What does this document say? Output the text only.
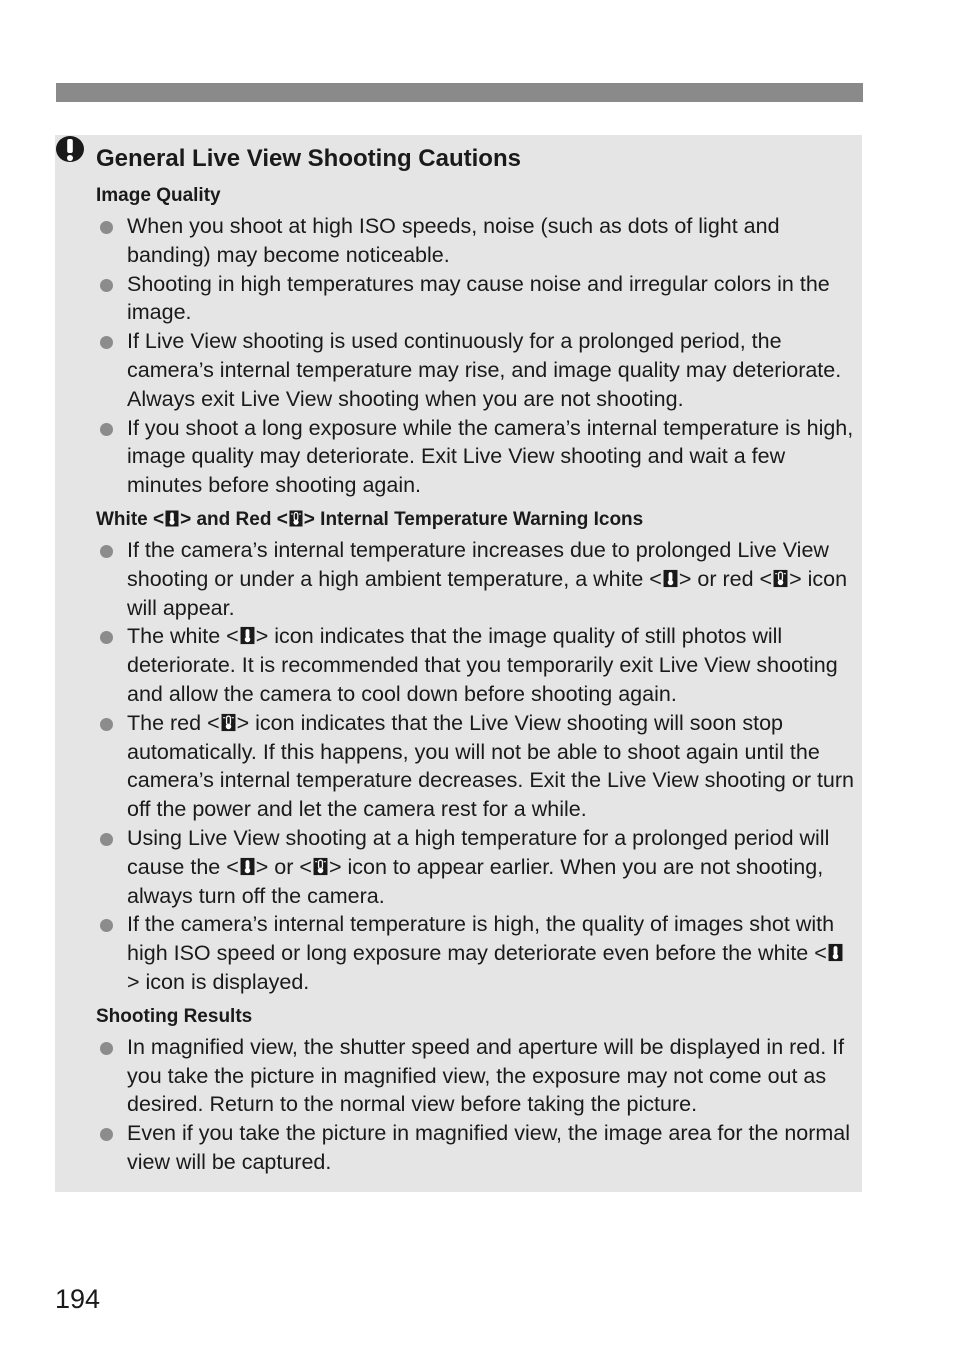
General Live View Shooting Cautions
Image Quality
When you shoot at high ISO speeds, noise (such as dots of light and banding) may become noticeable.
Shooting in high temperatures may cause noise and irregular colors in the image.
If Live View shooting is used continuously for a prolonged period, the camera’s internal temperature may rise, and image quality may deteriorate. Always exit Live View shooting when you are not shooting.
If you shoot a long exposure while the camera’s internal temperature is high, image quality may deteriorate. Exit Live View shooting and wait a few minutes before shooting again.
White < > and Red < > Internal Temperature Warning Icons
If the camera’s internal temperature increases due to prolonged Live View shooting or under a high ambient temperature, a white < > or red < > icon will appear.
The white < > icon indicates that the image quality of still photos will deteriorate. It is recommended that you temporarily exit Live View shooting and allow the camera to cool down before shooting again.
The red < > icon indicates that the Live View shooting will soon stop automatically. If this happens, you will not be able to shoot again until the camera’s internal temperature decreases. Exit the Live View shooting or turn off the power and let the camera rest for a while.
Using Live View shooting at a high temperature for a prolonged period will cause the < > or < > icon to appear earlier. When you are not shooting, always turn off the camera.
If the camera’s internal temperature is high, the quality of images shot with high ISO speed or long exposure may deteriorate even before the white <> icon is displayed.
Shooting Results
In magnified view, the shutter speed and aperture will be displayed in red. If you take the picture in magnified view, the exposure may not come out as desired. Return to the normal view before taking the picture.
Even if you take the picture in magnified view, the image area for the normal view will be captured.

194
